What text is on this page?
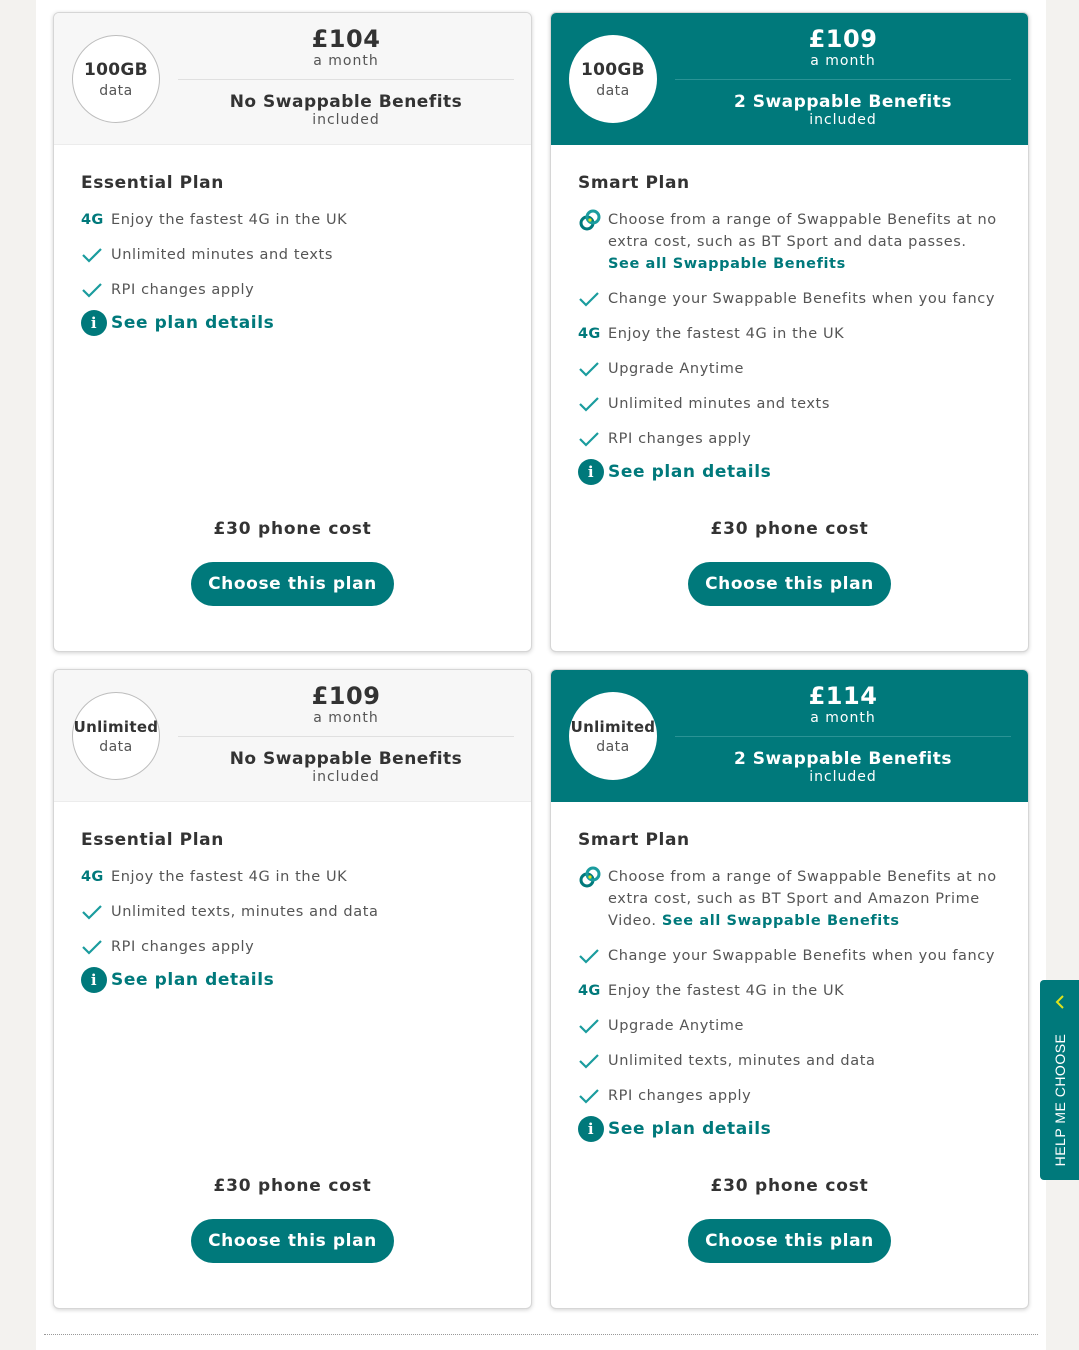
100GB
data
£104
a month
No Swappable Benefits
included
Essential Plan
4G Enjoy the fastest 4G in the UK
Unlimited minutes and texts
RPI changes apply
i See plan details
£30 phone cost
Choose this plan
100GB
data
£109
a month
2 Swappable Benefits
included
Smart Plan
Choose from a range of Swappable Benefits at no extra cost, such as BT Sport and data passes.
See all Swappable Benefits
Change your Swappable Benefits when you fancy
4G Enjoy the fastest 4G in the UK
Upgrade Anytime
Unlimited minutes and texts
RPI changes apply
i See plan details
£30 phone cost
Choose this plan
Unlimited
data
£109
a month
No Swappable Benefits
included
Essential Plan
4G Enjoy the fastest 4G in the UK
Unlimited texts, minutes and data
RPI changes apply
i See plan details
£30 phone cost
Choose this plan
Unlimited
data
£114
a month
2 Swappable Benefits
included
Smart Plan
Choose from a range of Swappable Benefits at no extra cost, such as BT Sport and Amazon Prime Video. See all Swappable Benefits
Change your Swappable Benefits when you fancy
4G Enjoy the fastest 4G in the UK
Upgrade Anytime
Unlimited texts, minutes and data
RPI changes apply
i See plan details
£30 phone cost
Choose this plan
HELP ME CHOOSE
